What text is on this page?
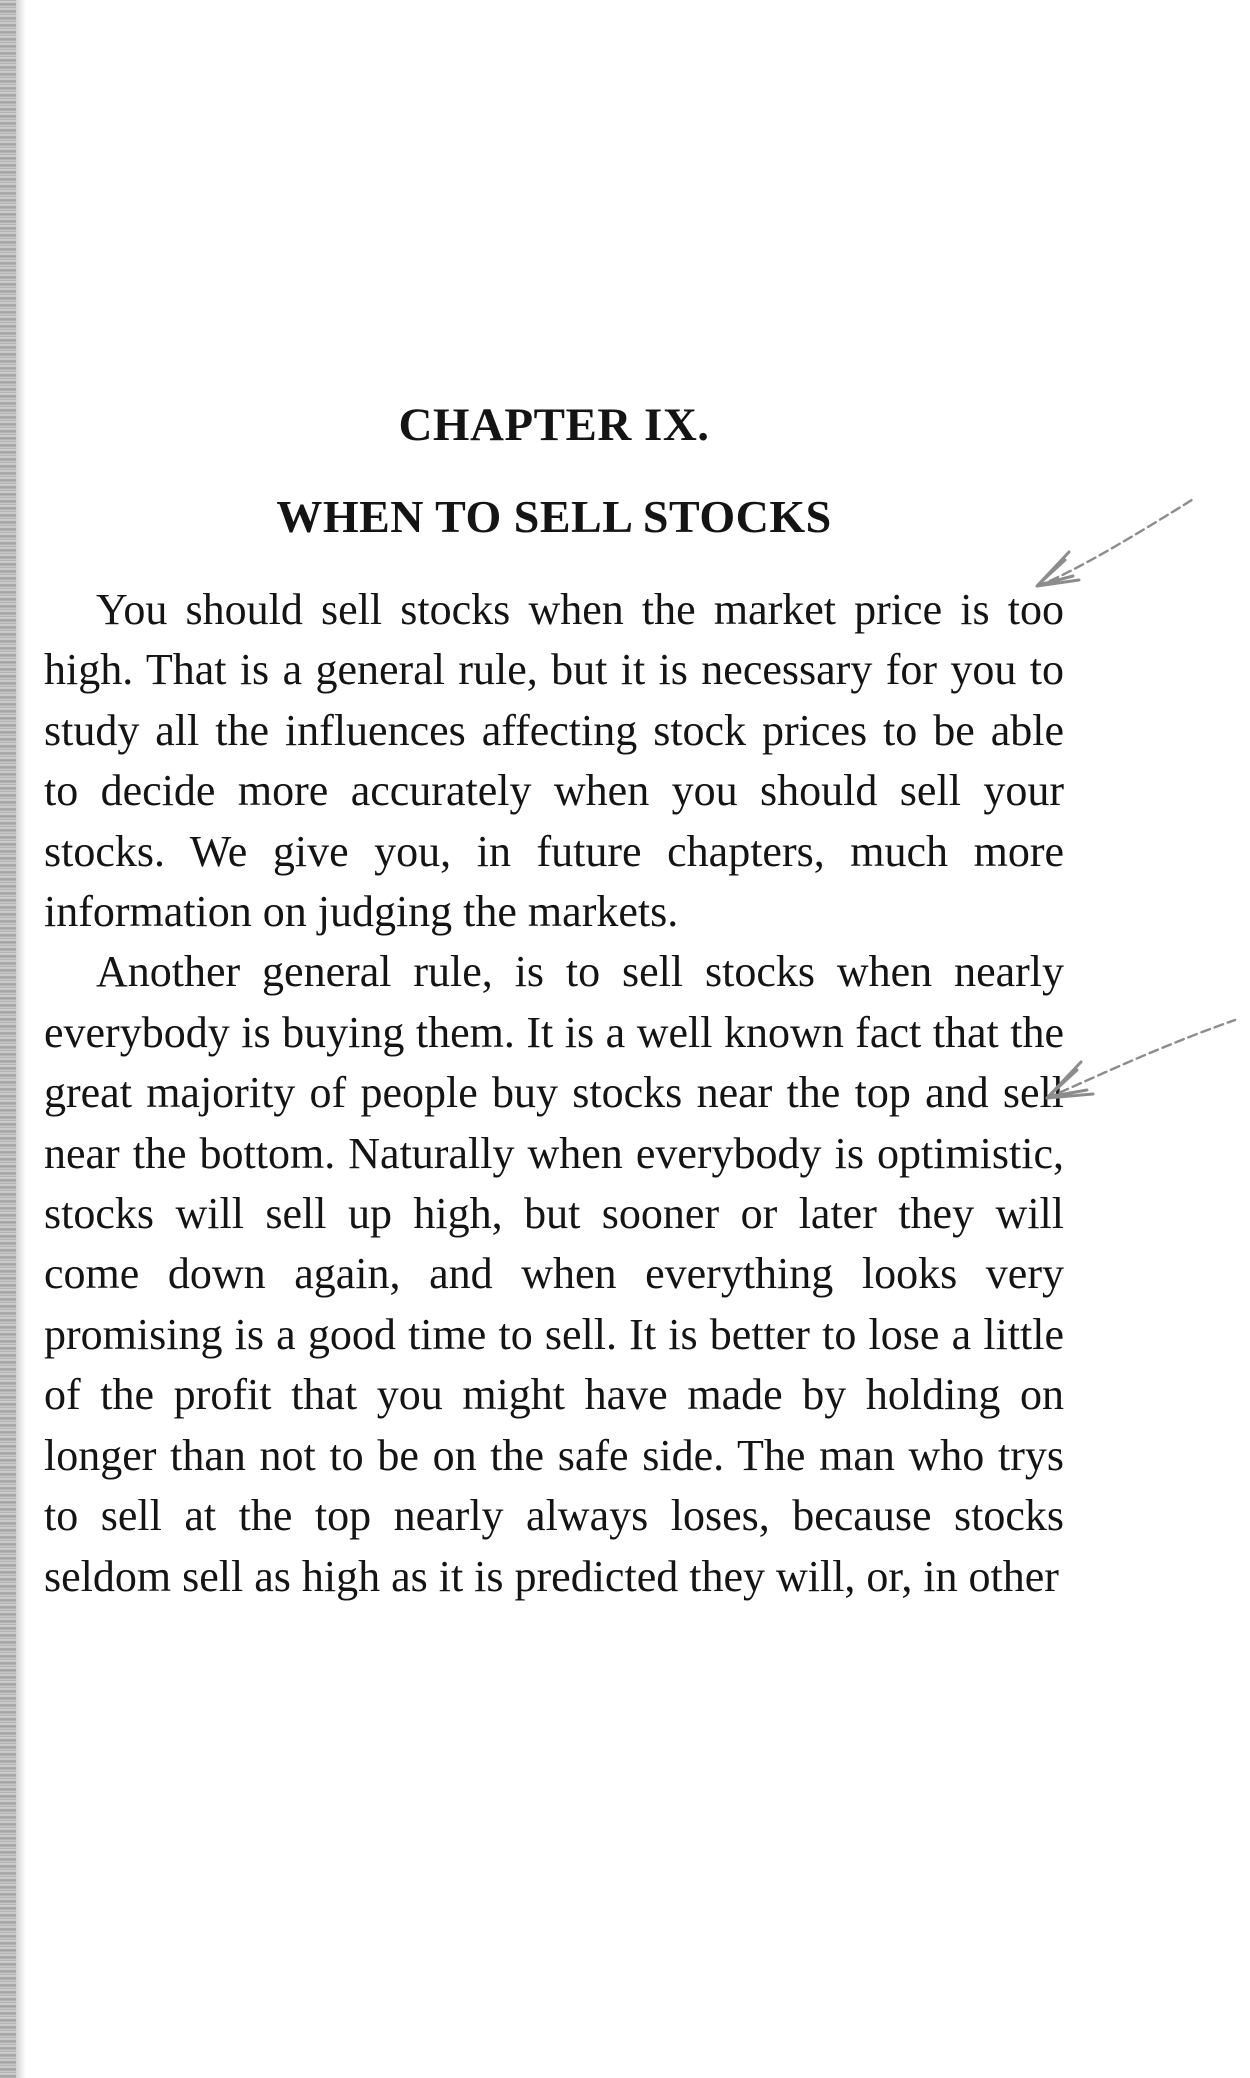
CHAPTER IX.
WHEN TO SELL STOCKS

You should sell stocks when the market price is too high. That is a general rule, but it is necessary for you to study all the influences affecting stock prices to be able to decide more accurately when you should sell your stocks. We give you, in future chapters, much more information on judging the markets.

Another general rule, is to sell stocks when nearly everybody is buying them. It is a well known fact that the great majority of people buy stocks near the top and sell near the bottom. Naturally when everybody is optimistic, stocks will sell up high, but sooner or later they will come down again, and when everything looks very promising is a good time to sell. It is better to lose a little of the profit that you might have made by holding on longer than not to be on the safe side. The man who trys to sell at the top nearly always loses, because stocks seldom sell as high as it is predicted they will, or, in other
